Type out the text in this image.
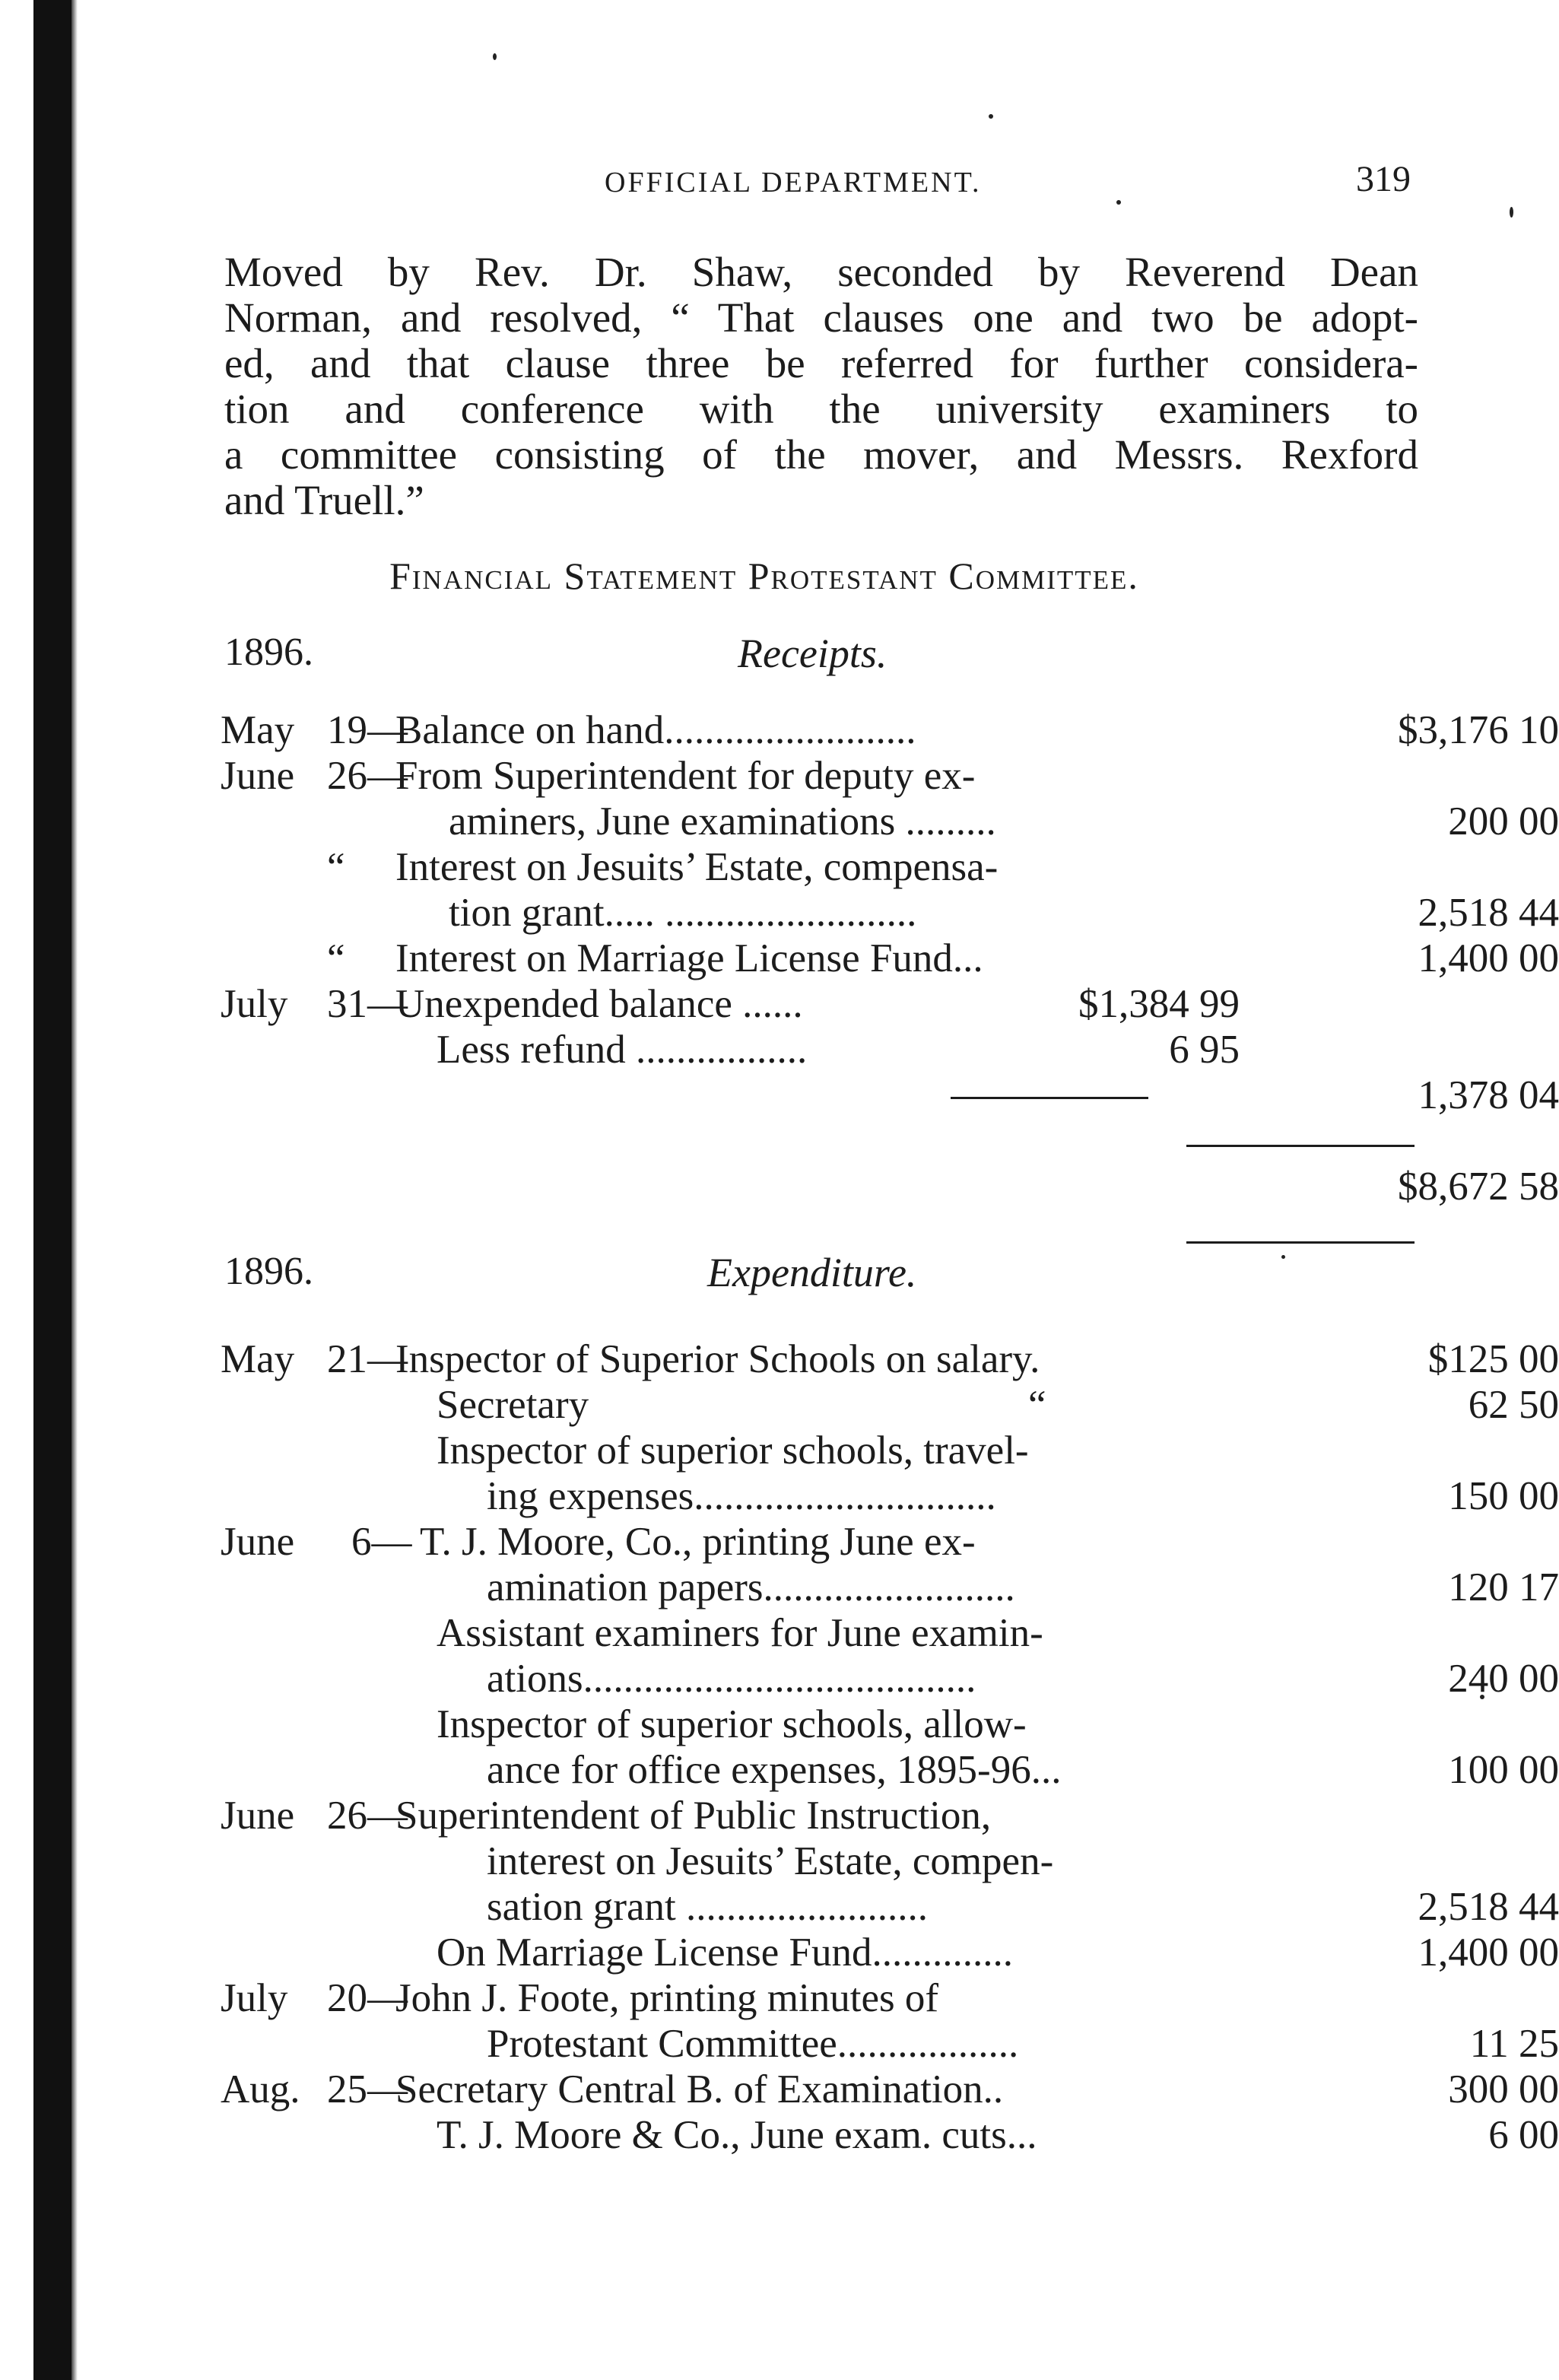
OFFICIAL DEPARTMENT.	319
Moved by Rev. Dr. Shaw, seconded by Reverend Dean
Norman, and resolved, “ That clauses one and two be adopt-
ed, and that clause three be referred for further considera-
tion and conference with the university examiners to
a committee consisting of the mover, and Messrs. Rexford
and Truell.”
Financial Statement Protestant Committee.
1896.	Receipts.
May 19—
Balance on hand.........................	$3,176 10
June 26—
From Superintendent for deputy ex-
aminers, June examinations .........	200 00
“ Interest on Jesuits’ Estate, compensa-
tion grant..... .........................	2,518 44
“ Interest on Marriage License Fund...	1,400 00
July 31—
Unexpended balance ......	$1,384 99
Less refund .................	6 95
1,378 04
$8,672 58
1896.	Expenditure.
May 21—
Inspector of Superior Schools on salary.	$125 00
Secretary	“	62 50
Inspector of superior schools, travel-
ing expenses..............................	150 00
June 6— T. J. Moore, Co., printing June ex-
amination papers.........................	120 17
Assistant examiners for June examin-
ations.......................................	240 00
Inspector of superior schools, allow-
ance for office expenses, 1895-96...	100 00
June 26—
Superintendent of Public Instruction,
interest on Jesuits’ Estate, compen-
sation grant ........................	2,518 44
On Marriage License Fund..............	1,400 00
July 20—
John J. Foote, printing minutes of
Protestant Committee..................	11 25
Aug. 25—
Secretary Central B. of Examination..	300 00
T. J. Moore & Co., June exam. cuts...	6 00
